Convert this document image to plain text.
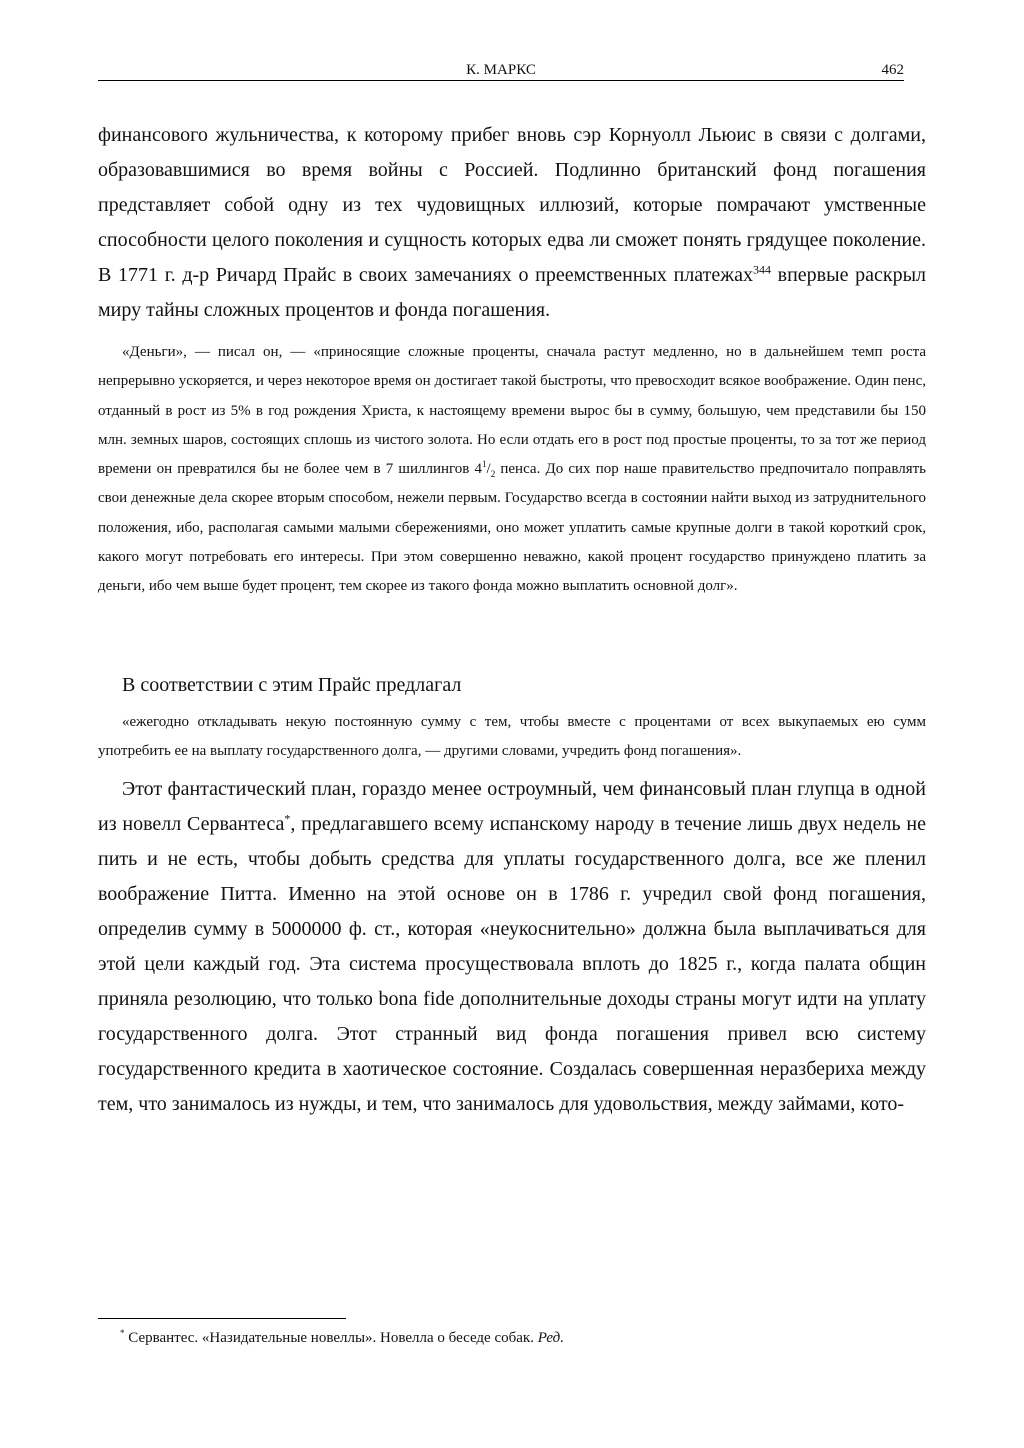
К. МАРКС	462

финансового жульничества, к которому прибег вновь сэр Корнуолл Льюис в связи с долгами, образовавшимися во время войны с Россией. Подлинно британский фонд погашения представляет собой одну из тех чудовищных иллюзий, которые помрачают умственные способности целого поколения и сущность которых едва ли сможет понять грядущее поколение. В 1771 г. д-р Ричард Прайс в своих замечаниях о преемственных платежах$^{344}$ впервые раскрыл миру тайны сложных процентов и фонда погашения.

«Деньги», — писал он, — «приносящие сложные проценты, сначала растут медленно, но в дальнейшем темп роста непрерывно ускоряется, и через некоторое время он достигает такой быстроты, что превосходит всякое воображение. Один пенс, отданный в рост из 5% в год рождения Христа, к настоящему времени вырос бы в сумму, большую, чем представили бы 150 млн. земных шаров, состоящих сплошь из чистого золота. Но если отдать его в рост под простые проценты, то за тот же период времени он превратился бы не более чем в 7 шиллингов $4^1/_2$ пенса. До сих пор наше правительство предпочитало поправлять свои денежные дела скорее вторым способом, нежели первым. Государство всегда в состоянии найти выход из затруднительного положения, ибо, располагая самыми малыми сбережениями, оно может уплатить самые крупные долги в такой короткий срок, какого могут потребовать его интересы. При этом совершенно неважно, какой процент государство принуждено платить за деньги, ибо чем выше будет процент, тем скорее из такого фонда можно выплатить основной долг».

В соответствии с этим Прайс предлагал

«ежегодно откладывать некую постоянную сумму с тем, чтобы вместе с процентами от всех выкупаемых ею сумм употребить ее на выплату государственного долга, — другими словами, учредить фонд погашения».

Этот фантастический план, гораздо менее остроумный, чем финансовый план глупца в одной из новелл Сервантеса*, предлагавшего всему испанскому народу в течение лишь двух недель не пить и не есть, чтобы добыть средства для уплаты государственного долга, все же пленил воображение Питта. Именно на этой основе он в 1786 г. учредил свой фонд погашения, определив сумму в 5000000 ф. ст., которая «неукоснительно» должна была выплачиваться для этой цели каждый год. Эта система просуществовала вплоть до 1825 г., когда палата общин приняла резолюцию, что только bona fide дополнительные доходы страны могут идти на уплату государственного долга. Этот странный вид фонда погашения привел всю систему государственного кредита в хаотическое состояние. Создалась совершенная неразбериха между тем, что занималось из нужды, и тем, что занималось для удовольствия, между займами, кото-

* Сервантес. «Назидательные новеллы». Новелла о беседе собак. Ред.
